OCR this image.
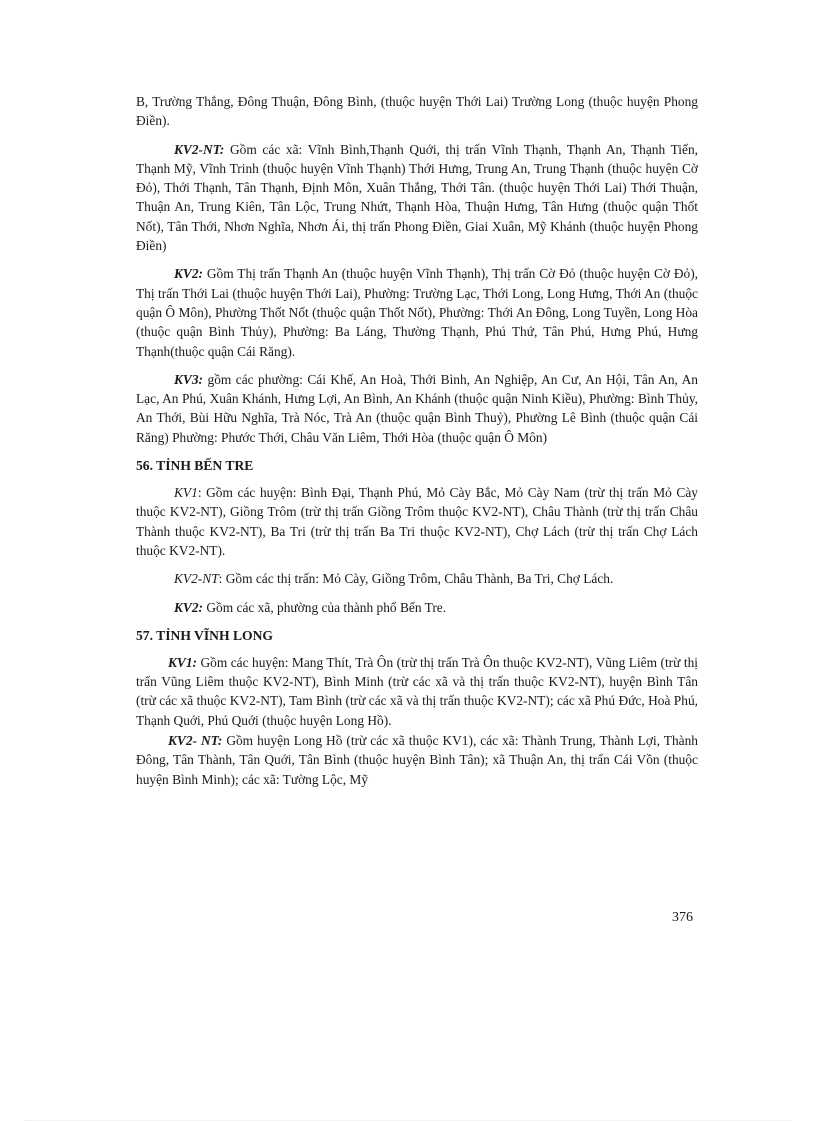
B, Trường Thắng, Đông Thuận, Đông Bình, (thuộc huyện Thới Lai) Trường Long (thuộc huyện Phong Điền).

KV2-NT: Gồm các xã: Vĩnh Bình,Thạnh Quới, thị trấn Vĩnh Thạnh, Thạnh An, Thạnh Tiến, Thạnh Mỹ, Vĩnh Trinh (thuộc huyện Vĩnh Thạnh) Thới Hưng, Trung An, Trung Thạnh (thuộc huyện Cờ Đỏ), Thới Thạnh, Tân Thạnh, Định Môn, Xuân Thắng, Thới Tân. (thuộc huyện Thới Lai) Thới Thuận, Thuận An, Trung Kiên, Tân Lộc, Trung Nhứt, Thạnh Hòa, Thuận Hưng, Tân Hưng (thuộc quận Thốt Nốt), Tân Thới, Nhơn Nghĩa, Nhơn Ái, thị trấn Phong Điền, Giai Xuân, Mỹ Khánh (thuộc huyện Phong Điền)

KV2: Gồm Thị trấn Thạnh An (thuộc huyện Vĩnh Thạnh), Thị trấn Cờ Đỏ (thuộc huyện Cờ Đỏ), Thị trấn Thới Lai (thuộc huyện Thới Lai), Phường: Trường Lạc, Thới Long, Long Hưng, Thới An (thuộc quận Ô Môn), Phường Thốt Nốt (thuộc quận Thốt Nốt), Phường: Thới An Đông, Long Tuyền, Long Hòa (thuộc quận Bình Thủy), Phường: Ba Láng, Thường Thạnh, Phú Thứ, Tân Phú, Hưng Phú, Hưng Thạnh(thuộc quận Cái Răng).

KV3: gồm các phường: Cái Khế, An Hoà, Thới Bình, An Nghiệp, An Cư, An Hội, Tân An, An Lạc, An Phú, Xuân Khánh, Hưng Lợi, An Bình, An Khánh (thuộc quận Ninh Kiều), Phường: Bình Thủy, An Thới, Bùi Hữu Nghĩa, Trà Nóc, Trà An (thuộc quận Bình Thuỷ), Phường Lê Bình (thuộc quận Cái Răng) Phường: Phước Thới, Châu Văn Liêm, Thới Hòa (thuộc quận Ô Môn)

56. TỈNH BẾN TRE

KV1: Gồm các huyện: Bình Đại, Thạnh Phú, Mỏ Cày Bắc, Mỏ Cày Nam (trừ thị trấn Mỏ Cày thuộc KV2-NT), Giồng Trôm (trừ thị trấn Giồng Trôm thuộc KV2-NT), Châu Thành (trừ thị trấn Châu Thành thuộc KV2-NT), Ba Tri (trừ thị trấn Ba Tri thuộc KV2-NT), Chợ Lách (trừ thị trấn Chợ Lách thuộc KV2-NT).

KV2-NT: Gồm các thị trấn: Mỏ Cày, Giồng Trôm, Châu Thành, Ba Tri, Chợ Lách.

KV2: Gồm các xã, phường của thành phố Bến Tre.

57. TỈNH VĨNH LONG

KV1: Gồm các huyện: Mang Thít, Trà Ôn (trừ thị trấn Trà Ôn thuộc KV2-NT), Vũng Liêm (trừ thị trấn Vũng Liêm thuộc KV2-NT), Bình Minh (trừ các xã và thị trấn thuộc KV2-NT), huyện Bình Tân (trừ các xã thuộc KV2-NT), Tam Bình (trừ các xã và thị trấn thuộc KV2-NT); các xã Phú Đức, Hoà Phú, Thạnh Quới, Phú Quới (thuộc huyện Long Hồ).

KV2- NT: Gồm huyện Long Hồ (trừ các xã thuộc KV1), các xã: Thành Trung, Thành Lợi, Thành Đông, Tân Thành, Tân Quới, Tân Bình (thuộc huyện Bình Tân); xã Thuận An, thị trấn Cái Vồn (thuộc huyện Bình Minh); các xã: Tường Lộc, Mỹ

376
